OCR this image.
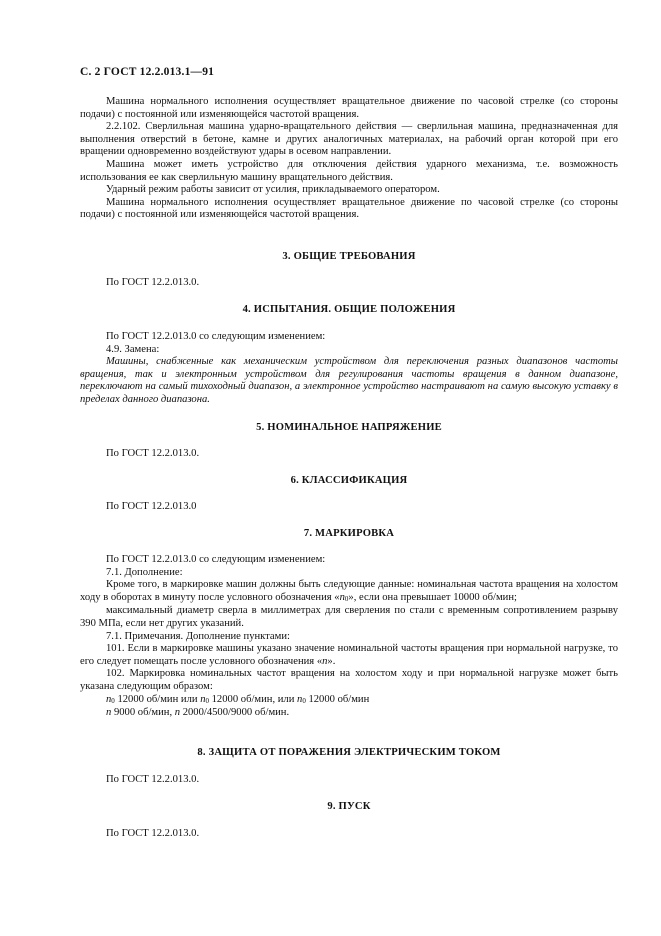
С. 2 ГОСТ 12.2.013.1—91

Машина нормального исполнения осуществляет вращательное движение по часовой стрелке (со стороны подачи) с постоянной или изменяющейся частотой вращения.

2.2.102. Сверлильная машина ударно-вращательного действия — сверлильная машина, предназначенная для выполнения отверстий в бетоне, камне и других аналогичных материалах, на рабочий орган которой при его вращении одновременно воздействуют удары в осевом направлении.

Машина может иметь устройство для отключения действия ударного механизма, т.е. возможность использования ее как сверлильную машину вращательного действия.

Ударный режим работы зависит от усилия, прикладываемого оператором.

Машина нормального исполнения осуществляет вращательное движение по часовой стрелке (со стороны подачи) с постоянной или изменяющейся частотой вращения.

3. ОБЩИЕ ТРЕБОВАНИЯ

По ГОСТ 12.2.013.0.

4. ИСПЫТАНИЯ. ОБЩИЕ ПОЛОЖЕНИЯ

По ГОСТ 12.2.013.0 со следующим изменением:

4.9. Замена:

Машины, снабженные как механическим устройством для переключения разных диапазонов частоты вращения, так и электронным устройством для регулирования частоты вращения в данном диапазоне, переключают на самый тихоходный диапазон, а электронное устройство настраивают на самую высокую уставку в пределах данного диапазона.

5. НОМИНАЛЬНОЕ НАПРЯЖЕНИЕ

По ГОСТ 12.2.013.0.

6. КЛАССИФИКАЦИЯ

По ГОСТ 12.2.013.0

7. МАРКИРОВКА

По ГОСТ 12.2.013.0 со следующим изменением:

7.1. Дополнение:

Кроме того, в маркировке машин должны быть следующие данные: номинальная частота вращения на холостом ходу в оборотах в минуту после условного обозначения «$n_0$», если она превышает 10000 об/мин;

максимальный диаметр сверла в миллиметрах для сверления по стали с временным сопротивлением разрыву 390 МПа, если нет других указаний.

7.1. Примечания. Дополнение пунктами:

101. Если в маркировке машины указано значение номинальной частоты вращения при нормальной нагрузке, то его следует помещать после условного обозначения «n».

102. Маркировка номинальных частот вращения на холостом ходу и при нормальной нагрузке может быть указана следующим образом:

$n_0$ 12000 об/мин или $n_0$ 12000 об/мин, или $n_0$ 12000 об/мин

n 9000 об/мин, n 2000/4500/9000 об/мин.

8. ЗАЩИТА ОТ ПОРАЖЕНИЯ ЭЛЕКТРИЧЕСКИМ ТОКОМ

По ГОСТ 12.2.013.0.

9. ПУСК

По ГОСТ 12.2.013.0.
